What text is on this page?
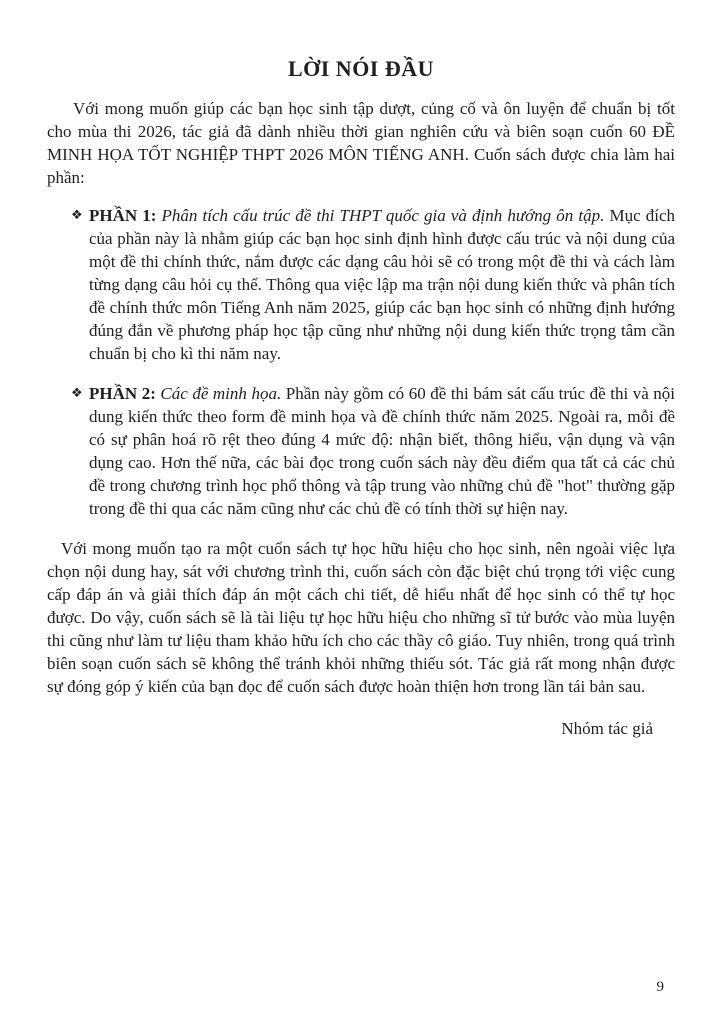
LỜI NÓI ĐẦU

Với mong muốn giúp các bạn học sinh tập dượt, củng cố và ôn luyện để chuẩn bị tốt cho mùa thi 2026, tác giả đã dành nhiều thời gian nghiên cứu và biên soạn cuốn 60 ĐỀ MINH HỌA TỐT NGHIỆP THPT 2026 MÔN TIẾNG ANH. Cuốn sách được chia làm hai phần:

❖ PHẦN 1: Phân tích cấu trúc đề thi THPT quốc gia và định hướng ôn tập. Mục đích của phần này là nhằm giúp các bạn học sinh định hình được cấu trúc và nội dung của một đề thi chính thức, nắm được các dạng câu hỏi sẽ có trong một đề thi và cách làm từng dạng câu hỏi cụ thể. Thông qua việc lập ma trận nội dung kiến thức và phân tích đề chính thức môn Tiếng Anh năm 2025, giúp các bạn học sinh có những định hướng đúng đắn về phương pháp học tập cũng như những nội dung kiến thức trọng tâm cần chuẩn bị cho kì thi năm nay.
❖ PHẦN 2: Các đề minh họa. Phần này gồm có 60 đề thi bám sát cấu trúc đề thi và nội dung kiến thức theo form đề minh họa và đề chính thức năm 2025. Ngoài ra, mỗi đề có sự phân hoá rõ rệt theo đúng 4 mức độ: nhận biết, thông hiểu, vận dụng và vận dụng cao. Hơn thế nữa, các bài đọc trong cuốn sách này đều điểm qua tất cả các chủ đề trong chương trình học phổ thông và tập trung vào những chủ đề "hot" thường gặp trong đề thi qua các năm cũng như các chủ đề có tính thời sự hiện nay.

Với mong muốn tạo ra một cuốn sách tự học hữu hiệu cho học sinh, nên ngoài việc lựa chọn nội dung hay, sát với chương trình thi, cuốn sách còn đặc biệt chú trọng tới việc cung cấp đáp án và giải thích đáp án một cách chi tiết, dễ hiểu nhất để học sinh có thể tự học được. Do vậy, cuốn sách sẽ là tài liệu tự học hữu hiệu cho những sĩ tử bước vào mùa luyện thi cũng như làm tư liệu tham khảo hữu ích cho các thầy cô giáo. Tuy nhiên, trong quá trình biên soạn cuốn sách sẽ không thể tránh khỏi những thiếu sót. Tác giả rất mong nhận được sự đóng góp ý kiến của bạn đọc để cuốn sách được hoàn thiện hơn trong lần tái bản sau.

Nhóm tác giả
9
